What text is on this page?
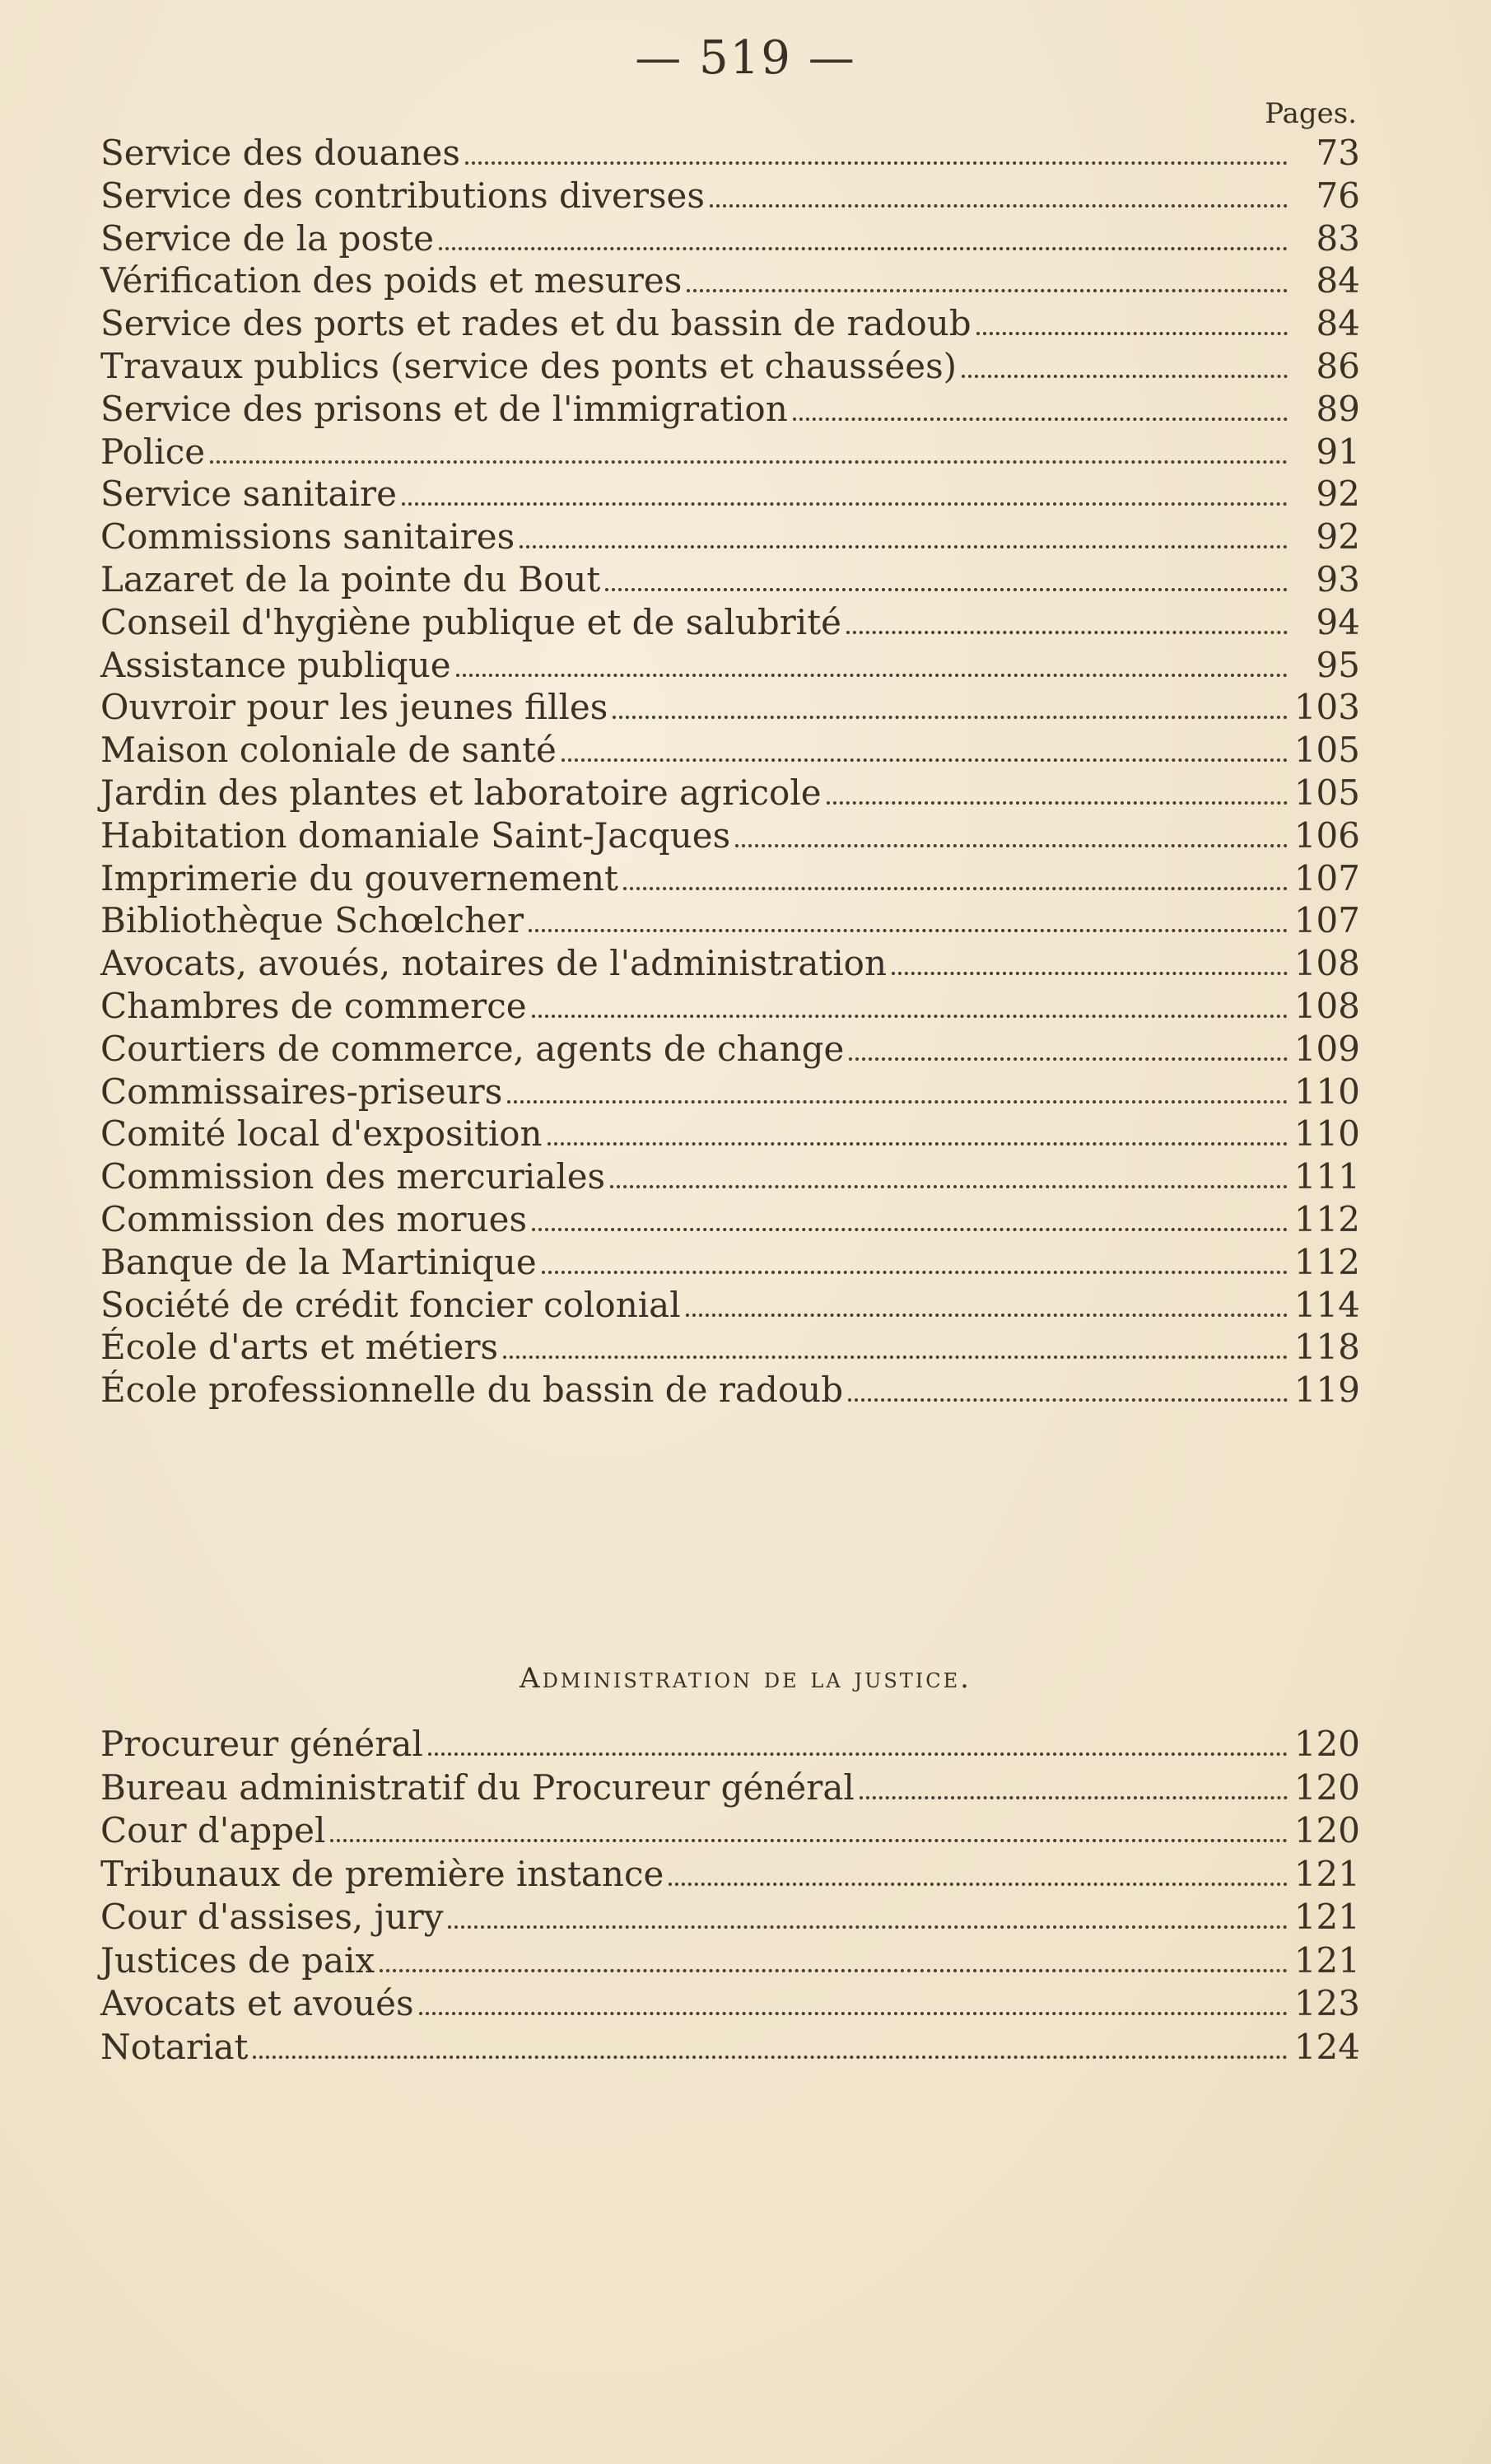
— 519 —
Pages.
Service des douanes	73
Service des contributions diverses	76
Service de la poste	83
Vérification des poids et mesures	84
Service des ports et rades et du bassin de radoub	84
Travaux publics (service des ponts et chaussées)	86
Service des prisons et de l'immigration	89
Police	91
Service sanitaire	92
Commissions sanitaires	92
Lazaret de la pointe du Bout	93
Conseil d'hygiène publique et de salubrité	94
Assistance publique	95
Ouvroir pour les jeunes filles	103
Maison coloniale de santé	105
Jardin des plantes et laboratoire agricole	105
Habitation domaniale Saint-Jacques	106
Imprimerie du gouvernement	107
Bibliothèque Schœlcher	107
Avocats, avoués, notaires de l'administration	108
Chambres de commerce	108
Courtiers de commerce, agents de change	109
Commissaires-priseurs	110
Comité local d'exposition	110
Commission des mercuriales	111
Commission des morues	112
Banque de la Martinique	112
Société de crédit foncier colonial	114
École d'arts et métiers	118
École professionnelle du bassin de radoub	119
Administration de la justice.
Procureur général	120
Bureau administratif du Procureur général	120
Cour d'appel	120
Tribunaux de première instance	121
Cour d'assises, jury	121
Justices de paix	121
Avocats et avoués	123
Notariat	124
